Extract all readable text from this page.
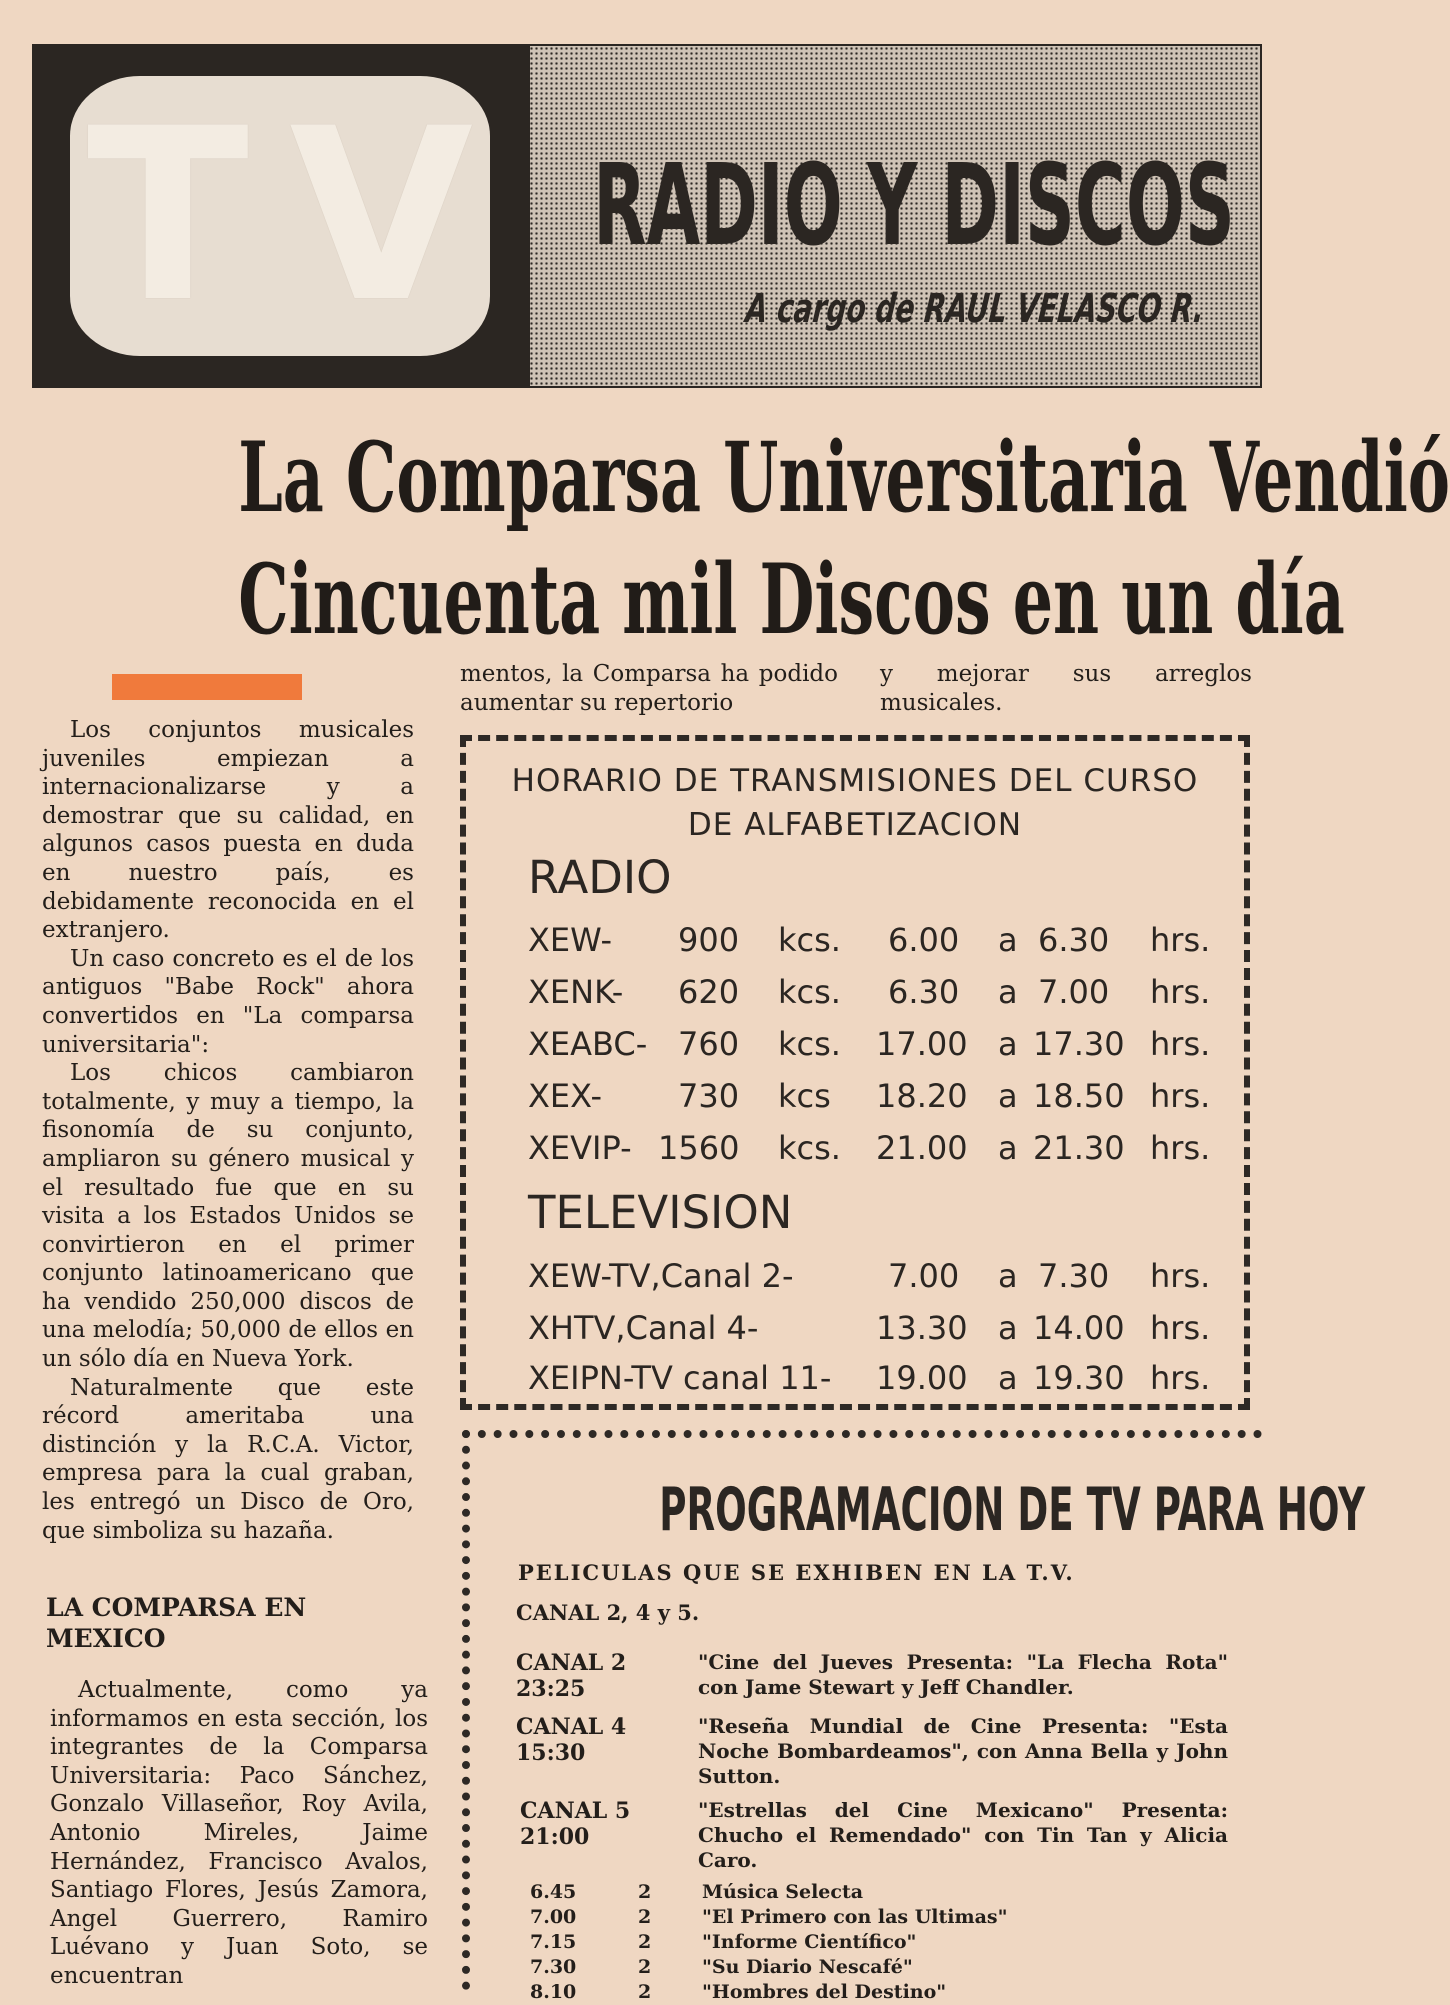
TV RADIO Y DISCOS
A cargo de RAUL VELASCO R.
La Comparsa Universitaria Vendió
Cincuenta mil Discos en un día

Los conjuntos musicales juveniles empiezan a internacionalizarse y a demostrar que su calidad, en algunos casos puesta en duda en nuestro país, es debidamente reconocida en el extranjero.

Un caso concreto es el de los antiguos "Babe Rock" ahora convertidos en "La comparsa universitaria":

Los chicos cambiaron totalmente, y muy a tiempo, la fisonomía de su conjunto, ampliaron su género musical y el resultado fue que en su visita a los Estados Unidos se convirtieron en el primer conjunto latinoamericano que ha vendido 250,000 discos de una melodía; 50,000 de ellos en un sólo día en Nueva York.

Naturalmente que este récord ameritaba una distinción y la R.C.A. Victor, empresa para la cual graban, les entregó un Disco de Oro, que simboliza su hazaña.

LA COMPARSA EN MEXICO

Actualmente, como ya informamos en esta sección, los integrantes de la Comparsa Universitaria: Paco Sánchez, Gonzalo Villaseñor, Roy Avila, Antonio Mireles, Jaime Hernández, Francisco Avalos, Santiago Flores, Jesús Zamora, Angel Guerrero, Ramiro Luévano y Juan Soto, se encuentran

mentos, la Comparsa ha podido aumentar su repertorio

y mejorar sus arreglos musicales.

HORARIO DE TRANSMISIONES DEL CURSO
DE ALFABETIZACION
RADIO
XEW- 900 kcs. 6.00 a 6.30 hrs.
XENK- 620 kcs. 6.30 a 7.00 hrs.
XEABC- 760 kcs. 17.00 a 17.30 hrs.
XEX- 730 kcs 18.20 a 18.50 hrs.
XEVIP- 1560 kcs. 21.00 a 21.30 hrs.
TELEVISION
XEW-TV,Canal 2-	7.00 a 7.30 hrs.
XHTV,Canal 4-	13.30 a 14.00 hrs.
XEIPN-TV canal 11- 19.00 a 19.30 hrs.
PROGRAMACION DE TV PARA HOY
PELICULAS QUE SE EXHIBEN EN LA T.V.
CANAL 2, 4 y 5.
CANAL 2
23:25
"Cine del Jueves Presenta: "La Flecha Rota" con Jame Stewart y Jeff Chandler.
CANAL 4
15:30
"Reseña Mundial de Cine Presenta: "Esta Noche Bombardeamos", con Anna Bella y John Sutton.
CANAL 5
21:00
"Estrellas del Cine Mexicano" Presenta: Chucho el Remendado" con Tin Tan y Alicia Caro.
6.45	2	Música Selecta
7.00	2	"El Primero con las Ultimas"
7.15	2	"Informe Científico"
7.30	2	"Su Diario Nescafé"
8.10	2	"Hombres del Destino"
